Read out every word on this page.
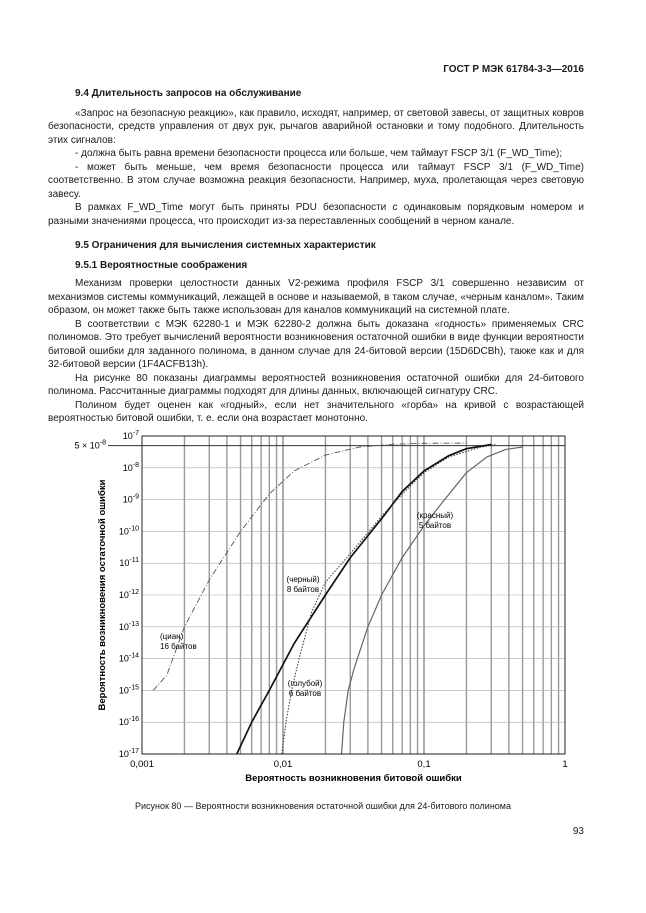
ГОСТ Р МЭК 61784-3-3—2016

9.4 Длительность запросов на обслуживание

«Запрос на безопасную реакцию», как правило, исходят, например, от световой завесы, от защитных ковров безопасности, средств управления от двух рук, рычагов аварийной остановки и тому подобного. Длительность этих сигналов:

- должна быть равна времени безопасности процесса или больше, чем таймаут FSCP 3/1 (F_WD_Time);

- может быть меньше, чем время безопасности процесса или таймаут FSCP 3/1 (F_WD_Time) соответственно. В этом случае возможна реакция безопасности. Например, муха, пролетающая через световую завесу.

В рамках F_WD_Time могут быть приняты PDU безопасности с одинаковым порядковым номером и разными значениями процесса, что происходит из-за переставленных сообщений в черном канале.

9.5 Ограничения для вычисления системных характеристик

9.5.1 Вероятностные соображения

Механизм проверки целостности данных V2-режима профиля FSCP 3/1 совершенно независим от механизмов системы коммуникаций, лежащей в основе и называемой, в таком случае, «черным каналом». Таким образом, он может также быть также использован для каналов коммуникаций на системной плате.

В соответствии с МЭК 62280-1 и МЭК 62280-2 должна быть доказана «годность» применяемых CRC полиномов. Это требует вычислений вероятности возникновения остаточной ошибки в виде функции вероятности битовой ошибки для заданного полинома, в данном случае для 24-битовой версии (15D6DCBh), также как и для 32-битовой версии (1F4ACFB13h).

На рисунке 80 показаны диаграммы вероятностей возникновения остаточной ошибки для 24-битового полинома. Рассчитанные диаграммы подходят для длины данных, включающей сигнатуру CRC.

Полином будет оценен как «годный», если нет значительного «горба» на кривой с возрастающей вероятностью битовой ошибки, т. е. если она возрастает монотонно.

$5 \times 10^{-8}$
$10^{-17}$
$10^{-16}$
$10^{-15}$
$10^{-14}$
$10^{-13}$
$10^{-12}$
$10^{-11}$
$10^{-10}$
$10^{-9}$
$10^{-8}$
$10^{-7}$
0,001	0,01	0,1	1
(циан)
16 байтов
(черный)
8 байтов
(голубой)
6 байтов
(красный)
5 байтов
Вероятность возникновения битовой ошибки
Вероятность возникновения остаточной ошибки
Рисунок 80 — Вероятности возникновения остаточной ошибки для 24-битового полинома
93
